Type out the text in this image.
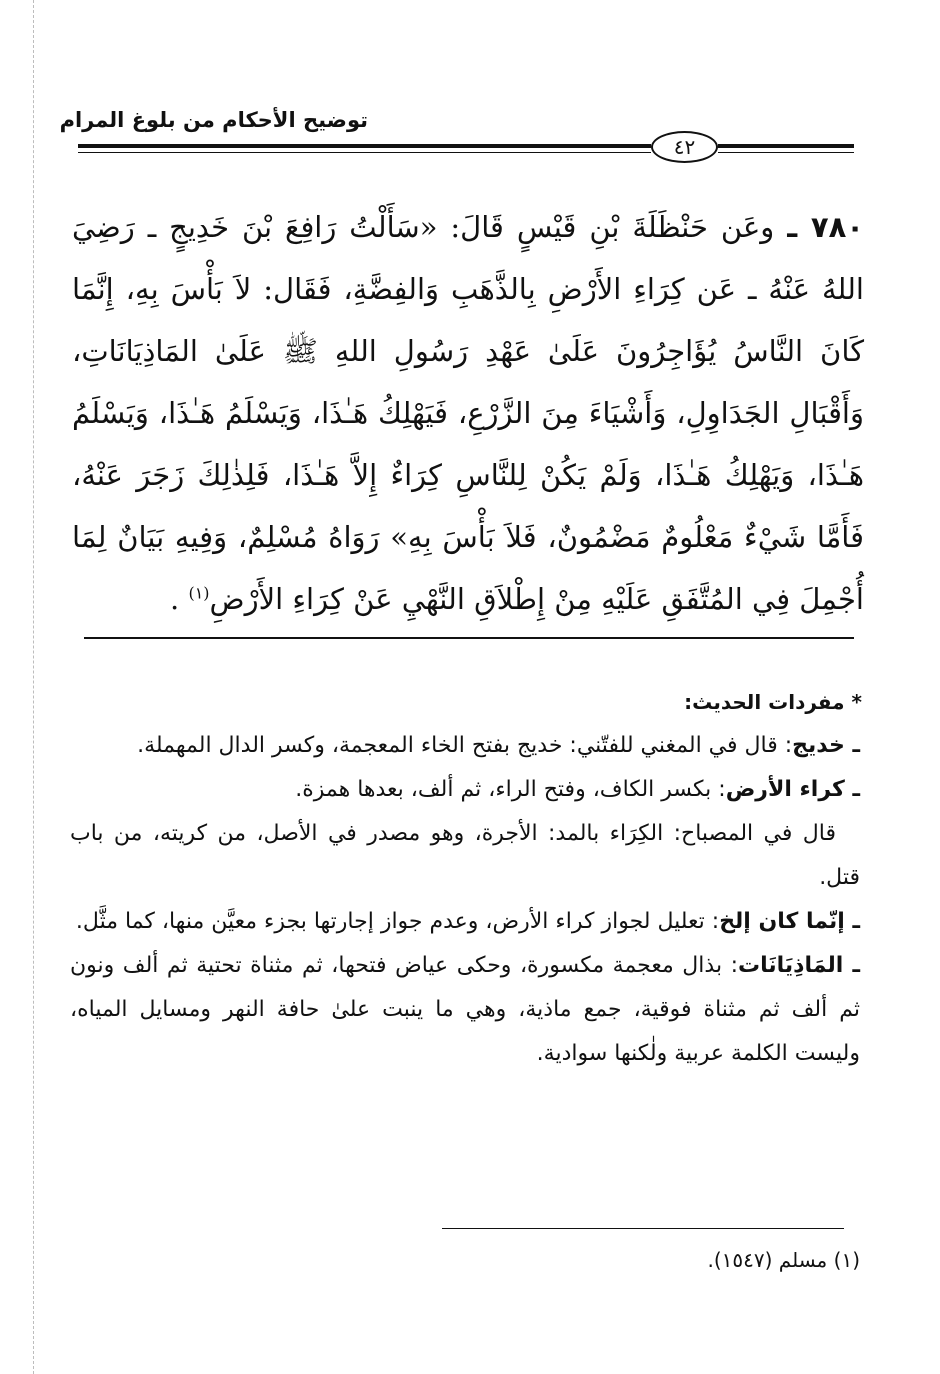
توضيح الأحكام من بلوغ المرام
٤٢
٧٨٠ ـ وعَن حَنْظَلَةَ بْنِ قَيْسٍ قَالَ: «سَأَلْتُ رَافِعَ بْنَ خَدِيجٍ ـ رَضِيَ اللهُ عَنْهُ ـ عَن كِرَاءِ الأَرْضِ بِالذَّهَبِ وَالفِضَّةِ، فَقَال: لاَ بَأْسَ بِهِ، إِنَّمَا كَانَ النَّاسُ يُؤَاجِرُونَ عَلَىٰ عَهْدِ رَسُولِ اللهِ ﷺ عَلَىٰ المَاذِيَانَاتِ، وَأَقْبَالِ الجَدَاوِلِ، وَأَشْيَاءَ مِنَ الزَّرْعِ، فَيَهْلِكُ هَـٰذَا، وَيَسْلَمُ هَـٰذَا، وَيَسْلَمُ هَـٰذَا، وَيَهْلِكُ هَـٰذَا، وَلَمْ يَكُنْ لِلنَّاسِ كِرَاءٌ إِلاَّ هَـٰذَا، فَلِذٰلِكَ زَجَرَ عَنْهُ، فَأَمَّا شَيْءٌ مَعْلُومٌ مَضْمُونٌ، فَلاَ بَأْسَ بِهِ» رَوَاهُ مُسْلِمٌ، وَفِيهِ بَيَانٌ لِمَا أُجْمِلَ فِي المُتَّفَقِ عَلَيْهِ مِنْ إِطْلاَقِ النَّهْيِ عَنْ كِرَاءِ الأَرْضِ$^{(١)}$ .
* مفردات الحديث:

ـ خديج: قال في المغني للفتّني: خديج بفتح الخاء المعجمة، وكسر الدال المهملة.

ـ كراء الأرض: بكسر الكاف، وفتح الراء، ثم ألف، بعدها همزة.

قال في المصباح: الكِرَاء بالمد: الأجرة، وهو مصدر في الأصل، من كريته، من باب قتل.

ـ إنّما كان إلخ: تعليل لجواز كراء الأرض، وعدم جواز إجارتها بجزء معيَّن منها، كما مثَّل.

ـ المَاذِيَانَات: بذال معجمة مكسورة، وحكى عياض فتحها، ثم مثناة تحتية ثم ألف ونون ثم ألف ثم مثناة فوقية، جمع ماذية، وهي ما ينبت علىٰ حافة النهر ومسايل المياه، وليست الكلمة عربية ولٰكنها سوادية.

(١) مسلم (١٥٤٧).
